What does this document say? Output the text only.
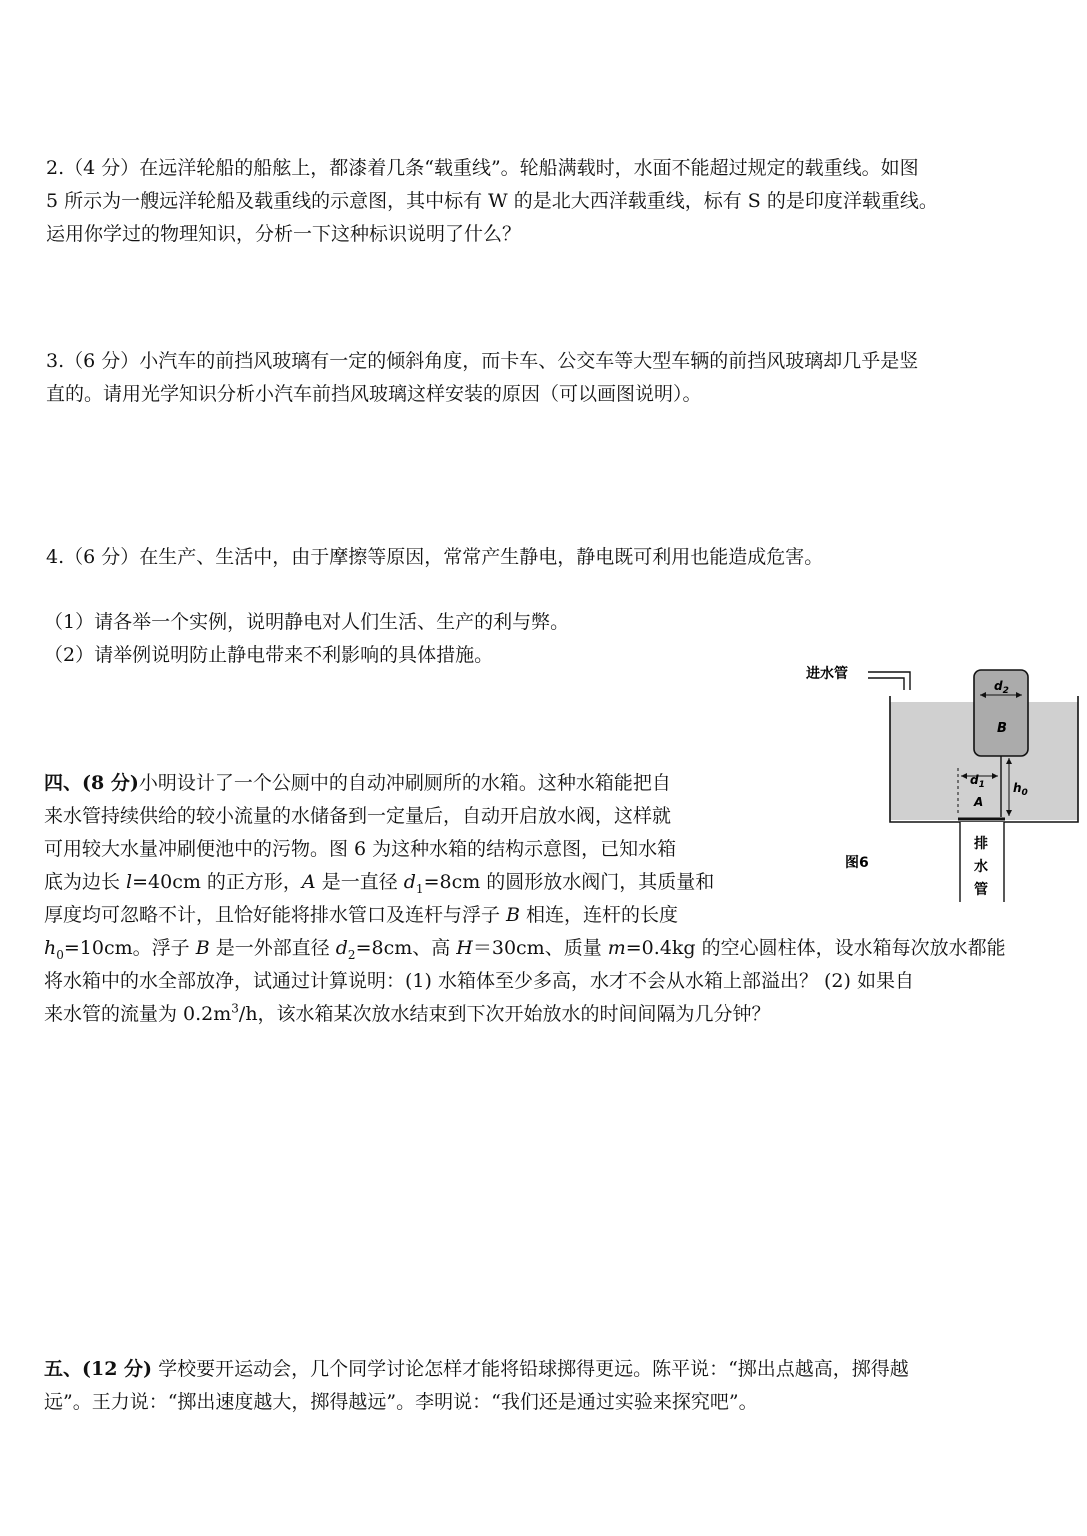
2.（4 分）在远洋轮船的船舷上，都漆着几条“载重线”。轮船满载时，水面不能超过规定的载重线。如图
5 所示为一艘远洋轮船及载重线的示意图，其中标有 W 的是北大西洋载重线，标有 S 的是印度洋载重线。
运用你学过的物理知识，分析一下这种标识说明了什么？
3.（6 分）小汽车的前挡风玻璃有一定的倾斜角度，而卡车、公交车等大型车辆的前挡风玻璃却几乎是竖
直的。请用光学知识分析小汽车前挡风玻璃这样安装的原因（可以画图说明）。
4.（6 分）在生产、生活中，由于摩擦等原因，常常产生静电，静电既可利用也能造成危害。
（1）请各举一个实例，说明静电对人们生活、生产的利与弊。
（2）请举例说明防止静电带来不利影响的具体措施。
四、(8 分)小明设计了一个公厕中的自动冲刷厕所的水箱。这种水箱能把自
来水管持续供给的较小流量的水储备到一定量后，自动开启放水阀，这样就
可用较大水量冲刷便池中的污物。图 6 为这种水箱的结构示意图，已知水箱
底为边长 l=40cm 的正方形，A 是一直径 $d_1=8cm$ 的圆形放水阀门，其质量和
厚度均可忽略不计，且恰好能将排水管口及连杆与浮子 B 相连，连杆的长度
$h_0=10cm$。浮子 B 是一外部直径 $d_2=8cm$、高 H＝30cm、质量 m=0.4kg 的空心圆柱体，设水箱每次放水都能
将水箱中的水全部放净，试通过计算说明：(1) 水箱体至少多高，水才不会从水箱上部溢出？ (2) 如果自
来水管的流量为 $0.2m^3/h$，该水箱某次放水结束到下次开始放水的时间间隔为几分钟？
进水管
$d_2$
B
$h_0$
$d_1$
A
排
水
管
图6
五、(12 分) 学校要开运动会，几个同学讨论怎样才能将铅球掷得更远。陈平说：“掷出点越高，掷得越
远”。王力说：“掷出速度越大，掷得越远”。李明说：“我们还是通过实验来探究吧”。
